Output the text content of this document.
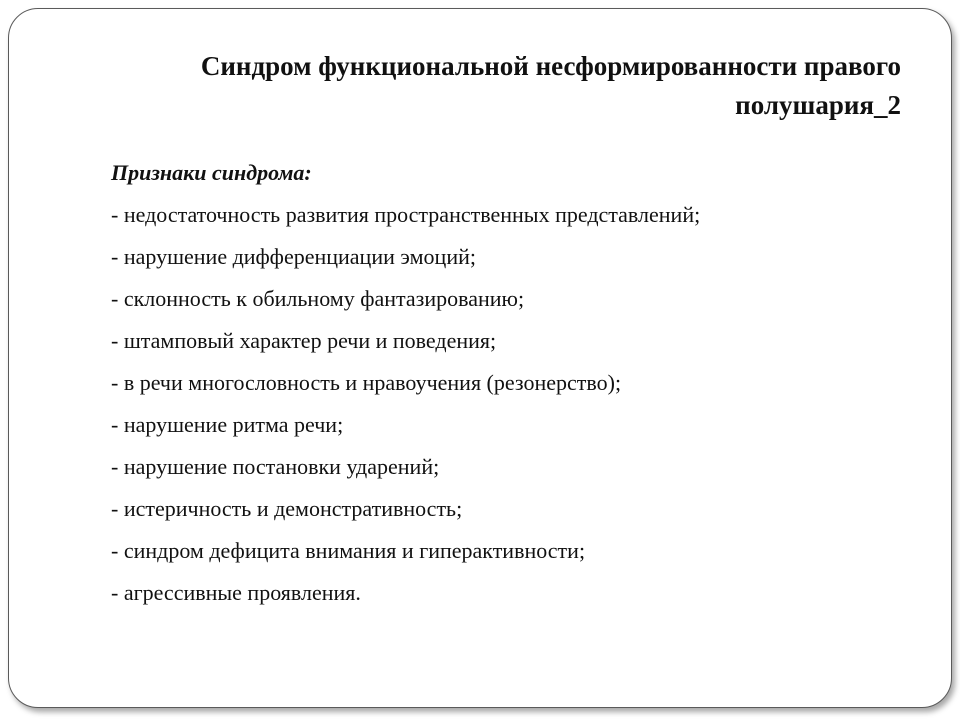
Синдром функциональной несформированности правого полушария_2
Признаки синдрома:
- недостаточность развития пространственных представлений;
- нарушение дифференциации эмоций;
- склонность к обильному фантазированию;
- штамповый характер речи и поведения;
- в речи многословность и нравоучения (резонерство);
- нарушение ритма речи;
- нарушение постановки ударений;
- истеричность и демонстративность;
- синдром дефицита внимания и гиперактивности;
- агрессивные проявления.
